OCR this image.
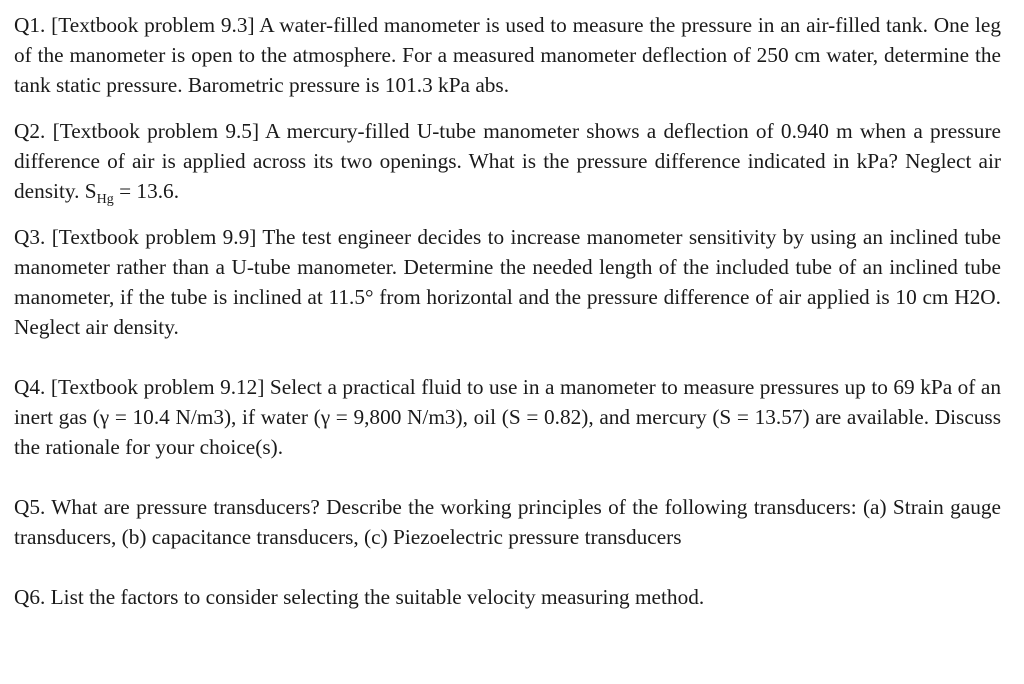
Q1. [Textbook problem 9.3] A water-filled manometer is used to measure the pressure in an air-filled tank. One leg of the manometer is open to the atmosphere. For a measured manometer deflection of 250 cm water, determine the tank static pressure. Barometric pressure is 101.3 kPa abs.

Q2. [Textbook problem 9.5] A mercury-filled U-tube manometer shows a deflection of 0.940 m when a pressure difference of air is applied across its two openings. What is the pressure difference indicated in kPa? Neglect air density. $S_{Hg} = 13.6$.

Q3. [Textbook problem 9.9] The test engineer decides to increase manometer sensitivity by using an inclined tube manometer rather than a U-tube manometer. Determine the needed length of the included tube of an inclined tube manometer, if the tube is inclined at 11.5° from horizontal and the pressure difference of air applied is 10 cm H2O. Neglect air density.

Q4. [Textbook problem 9.12] Select a practical fluid to use in a manometer to measure pressures up to 69 kPa of an inert gas (γ = 10.4 N/m3), if water (γ = 9,800 N/m3), oil (S = 0.82), and mercury (S = 13.57) are available. Discuss the rationale for your choice(s).

Q5. What are pressure transducers? Describe the working principles of the following transducers: (a) Strain gauge transducers, (b) capacitance transducers, (c) Piezoelectric pressure transducers

Q6. List the factors to consider selecting the suitable velocity measuring method.
